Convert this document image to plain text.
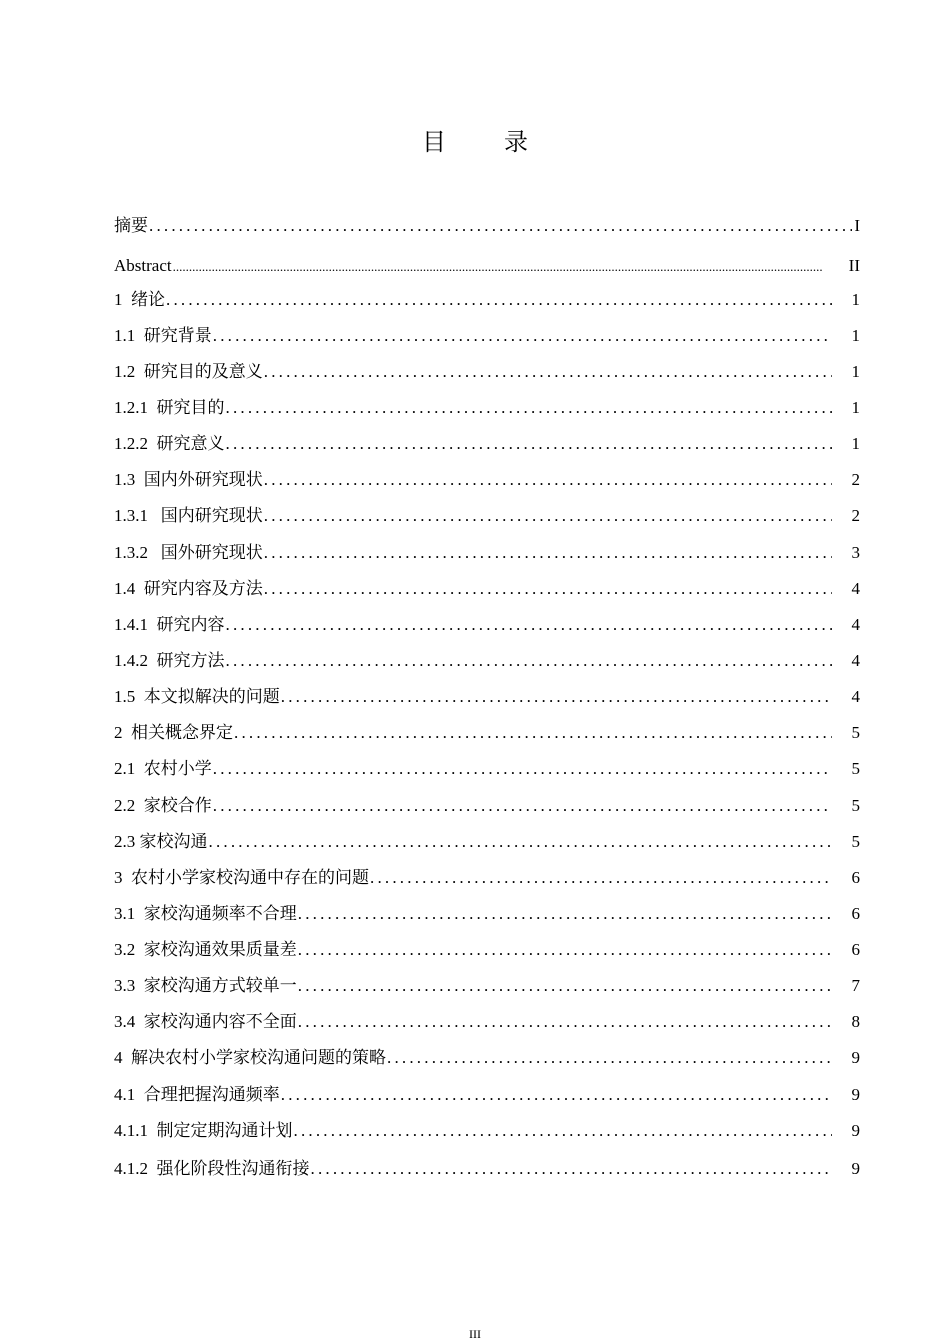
目 录
摘要 .....	I
Abstract .....	II
1  绪论 .....	1
1.1  研究背景 .....	1
1.2  研究目的及意义 .....	1
1.2.1  研究目的 .....	1
1.2.2  研究意义 .....	1
1.3  国内外研究现状 .....	2
1.3.1   国内研究现状 .....	2
1.3.2   国外研究现状 .....	3
1.4  研究内容及方法 .....	4
1.4.1  研究内容 .....	4
1.4.2  研究方法 .....	4
1.5  本文拟解决的问题 .....	4
2  相关概念界定 .....	5
2.1  农村小学 .....	5
2.2  家校合作 .....	5
2.3 家校沟通 .....	5
3  农村小学家校沟通中存在的问题 .....	6
3.1  家校沟通频率不合理 .....	6
3.2  家校沟通效果质量差 .....	6
3.3  家校沟通方式较单一 .....	7
3.4  家校沟通内容不全面 .....	8
4  解决农村小学家校沟通问题的策略 .....	9
4.1  合理把握沟通频率 .....	9
4.1.1  制定定期沟通计划 .....	9
4.1.2  强化阶段性沟通衔接 .....	9
III
